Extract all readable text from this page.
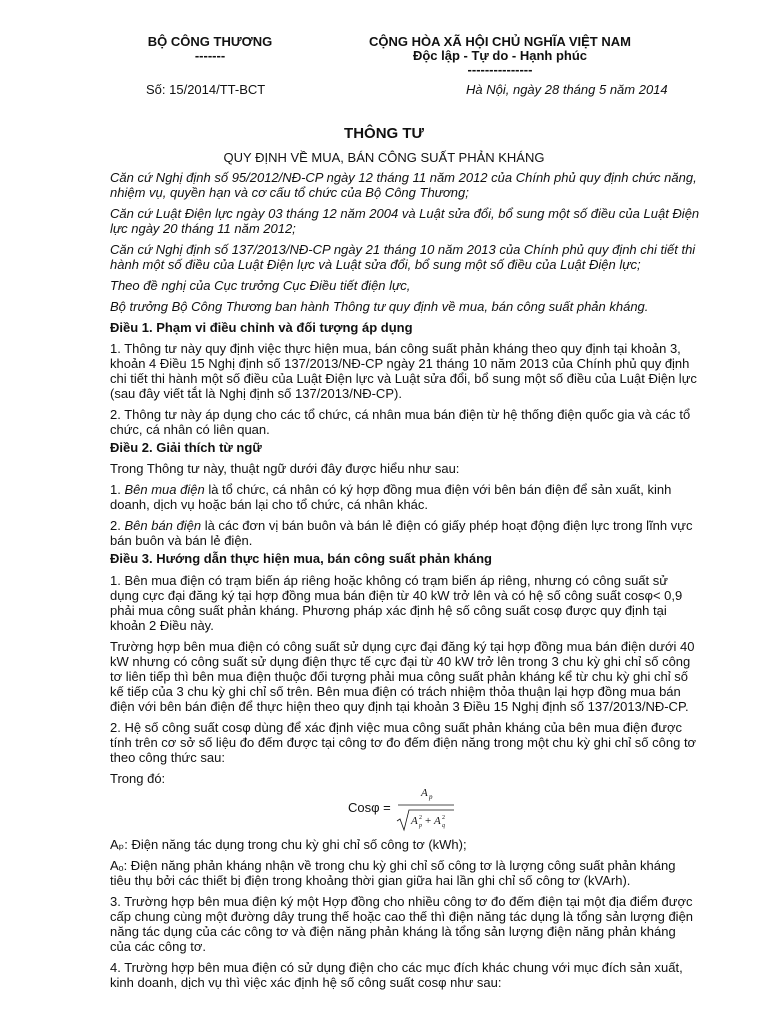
BỘ CÔNG THƯƠNG
-------
CỘNG HÒA XÃ HỘI CHỦ NGHĨA VIỆT NAM
Độc lập - Tự do - Hạnh phúc
---------------
Số: 15/2014/TT-BCT	Hà Nội, ngày 28 tháng 5 năm 2014
THÔNG TƯ
QUY ĐỊNH VỀ MUA, BÁN CÔNG SUẤT PHẢN KHÁNG

Căn cứ Nghị định số 95/2012/NĐ-CP ngày 12 tháng 11 năm 2012 của Chính phủ quy định chức năng, nhiệm vụ, quyền hạn và cơ cấu tổ chức của Bộ Công Thương;

Căn cứ Luật Điện lực ngày 03 tháng 12 năm 2004 và Luật sửa đổi, bổ sung một số điều của Luật Điện lực ngày 20 tháng 11 năm 2012;

Căn cứ Nghị định số 137/2013/NĐ-CP ngày 21 tháng 10 năm 2013 của Chính phủ quy định chi tiết thi hành một số điều của Luật Điện lực và Luật sửa đổi, bổ sung một số điều của Luật Điện lực;

Theo đề nghị của Cục trưởng Cục Điều tiết điện lực,

Bộ trưởng Bộ Công Thương ban hành Thông tư quy định về mua, bán công suất phản kháng.

Điều 1. Phạm vi điều chỉnh và đối tượng áp dụng

1. Thông tư này quy định việc thực hiện mua, bán công suất phản kháng theo quy định tại khoản 3, khoản 4 Điều 15 Nghị định số 137/2013/NĐ-CP ngày 21 tháng 10 năm 2013 của Chính phủ quy định chi tiết thi hành một số điều của Luật Điện lực và Luật sửa đổi, bổ sung một số điều của Luật Điện lực (sau đây viết tắt là Nghị định số 137/2013/NĐ-CP).

2. Thông tư này áp dụng cho các tổ chức, cá nhân mua bán điện từ hệ thống điện quốc gia và các tổ chức, cá nhân có liên quan.

Điều 2. Giải thích từ ngữ

Trong Thông tư này, thuật ngữ dưới đây được hiểu như sau:

1. Bên mua điện là tổ chức, cá nhân có ký hợp đồng mua điện với bên bán điện để sản xuất, kinh doanh, dịch vụ hoặc bán lại cho tổ chức, cá nhân khác.

2. Bên bán điện là các đơn vị bán buôn và bán lẻ điện có giấy phép hoạt động điện lực trong lĩnh vực bán buôn và bán lẻ điện.

Điều 3. Hướng dẫn thực hiện mua, bán công suất phản kháng

1. Bên mua điện có trạm biến áp riêng hoặc không có trạm biến áp riêng, nhưng có công suất sử dụng cực đại đăng ký tại hợp đồng mua bán điện từ 40 kW trở lên và có hệ số công suất cosφ< 0,9 phải mua công suất phản kháng. Phương pháp xác định hệ số công suất cosφ được quy định tại khoản 2 Điều này.

Trường hợp bên mua điện có công suất sử dụng cực đại đăng ký tại hợp đồng mua bán điện dưới 40 kW nhưng có công suất sử dụng điện thực tế cực đại từ 40 kW trở lên trong 3 chu kỳ ghi chỉ số công tơ liên tiếp thì bên mua điện thuộc đối tượng phải mua công suất phản kháng kể từ chu kỳ ghi chỉ số kế tiếp của 3 chu kỳ ghi chỉ số trên. Bên mua điện có trách nhiệm thỏa thuận lại hợp đồng mua bán điện với bên bán điện để thực hiện theo quy định tại khoản 3 Điều 15 Nghị định số 137/2013/NĐ-CP.

2. Hệ số công suất cosφ dùng để xác định việc mua công suất phản kháng của bên mua điện được tính trên cơ sở số liệu đo đếm được tại công tơ đo đếm điện năng trong một chu kỳ ghi chỉ số công tơ theo công thức sau:

Trong đó:

Cosφ =
A p
A 2
p + A 2
q

Aₚ: Điện năng tác dụng trong chu kỳ ghi chỉ số công tơ (kWh);

Aₒ: Điện năng phản kháng nhận về trong chu kỳ ghi chỉ số công tơ là lượng công suất phản kháng tiêu thụ bởi các thiết bị điện trong khoảng thời gian giữa hai lần ghi chỉ số công tơ (kVArh).

3. Trường hợp bên mua điện ký một Hợp đồng cho nhiều công tơ đo đếm điện tại một địa điểm được cấp chung cùng một đường dây trung thế hoặc cao thế thì điện năng tác dụng là tổng sản lượng điện năng tác dụng của các công tơ và điện năng phản kháng là tổng sản lượng điện năng phản kháng của các công tơ.

4. Trường hợp bên mua điện có sử dụng điện cho các mục đích khác chung với mục đích sản xuất, kinh doanh, dịch vụ thì việc xác định hệ số công suất cosφ như sau:
